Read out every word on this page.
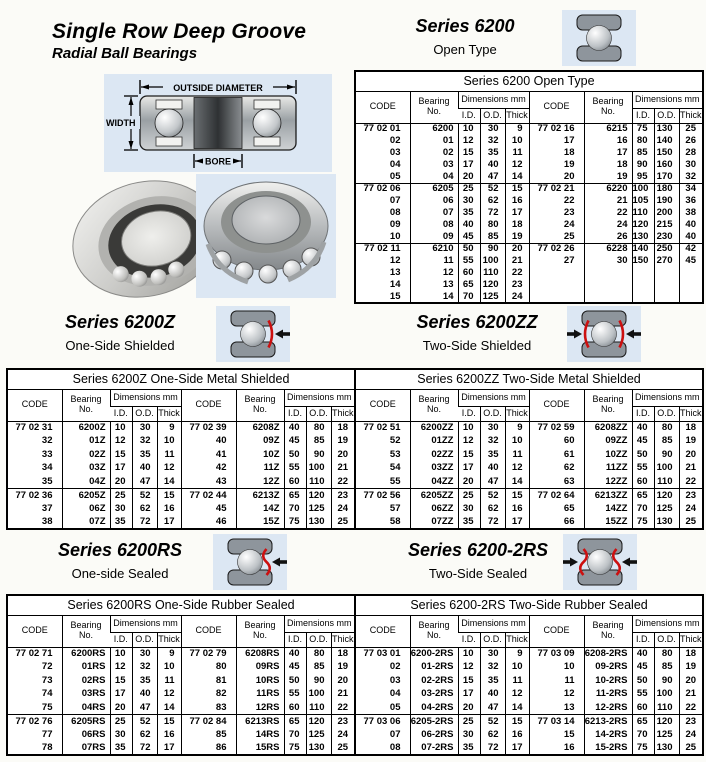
Single Row Deep Groove
Radial Ball Bearings
OUTSIDE DIAMETER
WIDTH
BORE
Series 6200
Open Type
Series 6200Z
One-Side Shielded
Series 6200ZZ
Two-Side Shielded
Series 6200RS
One-side Sealed
Series 6200-2RS
Two-Side Sealed
Series 6200 Open Type									
CODE	Bearing No.	Dimensions mm			CODE	Bearing No.	Dimensions mm		
		I.D.	O.D.	Thick			I.D.	O.D.	Thick
77 02 01	6200	10	30	9	77 02 16	6215	75	130	25
02	01	12	32	10	17	16	80	140	26
03	02	15	35	11	18	17	85	150	28
04	03	17	40	12	19	18	90	160	30
05	04	20	47	14	20	19	95	170	32
77 02 06	6205	25	52	15	77 02 21	6220	100	180	34
07	06	30	62	16	22	21	105	190	36
08	07	35	72	17	23	22	110	200	38
09	08	40	80	18	24	24	120	215	40
10	09	45	85	19	25	26	130	230	40
77 02 11	6210	50	90	20	77 02 26	6228	140	250	42
12	11	55	100	21	27	30	150	270	45
13	12	60	110	22					
14	13	65	120	23					
15	14	70	125	24					
Series 6200Z One-Side Metal Shielded									
CODE	Bearing No.	Dimensions mm			CODE	Bearing No.	Dimensions mm		
		I.D.	O.D.	Thick			I.D.	O.D.	Thick
77 02 31	6200Z	10	30	9	77 02 39	6208Z	40	80	18
32	01Z	12	32	10	40	09Z	45	85	19
33	02Z	15	35	11	41	10Z	50	90	20
34	03Z	17	40	12	42	11Z	55	100	21
35	04Z	20	47	14	43	12Z	60	110	22
77 02 36	6205Z	25	52	15	77 02 44	6213Z	65	120	23
37	06Z	30	62	16	45	14Z	70	125	24
38	07Z	35	72	17	46	15Z	75	130	25
Series 6200ZZ Two-Side Metal Shielded									
CODE	Bearing No.	Dimensions mm			CODE	Bearing No.	Dimensions mm		
		I.D.	O.D.	Thick			I.D.	O.D.	Thick
77 02 51	6200ZZ	10	30	9	77 02 59	6208ZZ	40	80	18
52	01ZZ	12	32	10	60	09ZZ	45	85	19
53	02ZZ	15	35	11	61	10ZZ	50	90	20
54	03ZZ	17	40	12	62	11ZZ	55	100	21
55	04ZZ	20	47	14	63	12ZZ	60	110	22
77 02 56	6205ZZ	25	52	15	77 02 64	6213ZZ	65	120	23
57	06ZZ	30	62	16	65	14ZZ	70	125	24
58	07ZZ	35	72	17	66	15ZZ	75	130	25
Series 6200RS One-Side Rubber Sealed									
CODE	Bearing No.	Dimensions mm			CODE	Bearing No.	Dimensions mm		
		I.D.	O.D.	Thick			I.D.	O.D.	Thick
77 02 71	6200RS	10	30	9	77 02 79	6208RS	40	80	18
72	01RS	12	32	10	80	09RS	45	85	19
73	02RS	15	35	11	81	10RS	50	90	20
74	03RS	17	40	12	82	11RS	55	100	21
75	04RS	20	47	14	83	12RS	60	110	22
77 02 76	6205RS	25	52	15	77 02 84	6213RS	65	120	23
77	06RS	30	62	16	85	14RS	70	125	24
78	07RS	35	72	17	86	15RS	75	130	25
Series 6200-2RS Two-Side Rubber Sealed									
CODE	Bearing No.	Dimensions mm			CODE	Bearing No.	Dimensions mm		
		I.D.	O.D.	Thick			I.D.	O.D.	Thick
77 03 01	6200-2RS	10	30	9	77 03 09	6208-2RS	40	80	18
02	01-2RS	12	32	10	10	09-2RS	45	85	19
03	02-2RS	15	35	11	11	10-2RS	50	90	20
04	03-2RS	17	40	12	12	11-2RS	55	100	21
05	04-2RS	20	47	14	13	12-2RS	60	110	22
77 03 06	6205-2RS	25	52	15	77 03 14	6213-2RS	65	120	23
07	06-2RS	30	62	16	15	14-2RS	70	125	24
08	07-2RS	35	72	17	16	15-2RS	75	130	25
